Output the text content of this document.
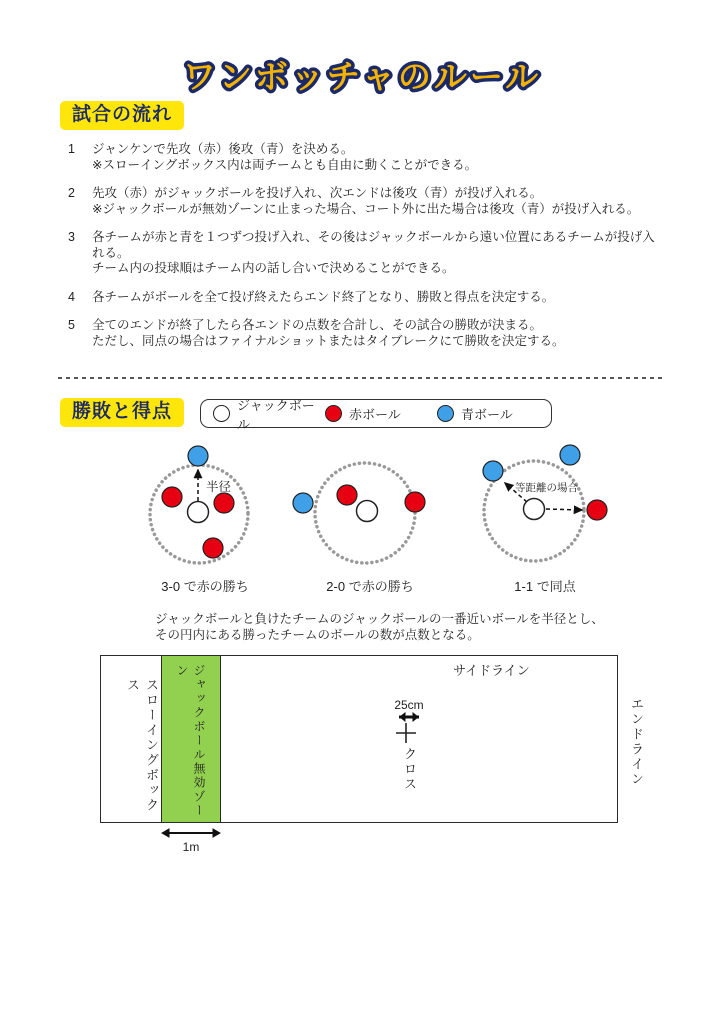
ワンボッチャのルール
試合の流れ
1	ジャンケンで先攻（赤）後攻（青）を決める。
※スローイングボックス内は両チームとも自由に動くことができる。
2	先攻（赤）がジャックボールを投げ入れ、次エンドは後攻（青）が投げ入れる。
※ジャックボールが無効ゾーンに止まった場合、コート外に出た場合は後攻（青）が投げ入れる。
3	各チームが赤と青を１つずつ投げ入れ、その後はジャックボールから遠い位置にあるチームが投げ入れる。
チーム内の投球順はチーム内の話し合いで決めることができる。
4	各チームがボールを全て投げ終えたらエンド終了となり、勝敗と得点を決定する。
5	全てのエンドが終了したら各エンドの点数を合計し、その試合の勝敗が決まる。
ただし、同点の場合はファイナルショットまたはタイブレークにて勝敗を決定する。
勝敗と得点	ジャックボール
赤ボール	青ボール
半径
3-0 で赤の勝ち	2-0 で赤の勝ち
等距離の場合
1-1 で同点
ジャックボールと負けたチームのジャックボールの一番近いボールを半径とし、
その円内にある勝ったチームのボールの数が点数となる。
スローイングボックス	ジャックボール無効ゾーン	サイドライン
エンドライン
25cm
クロス
1m
